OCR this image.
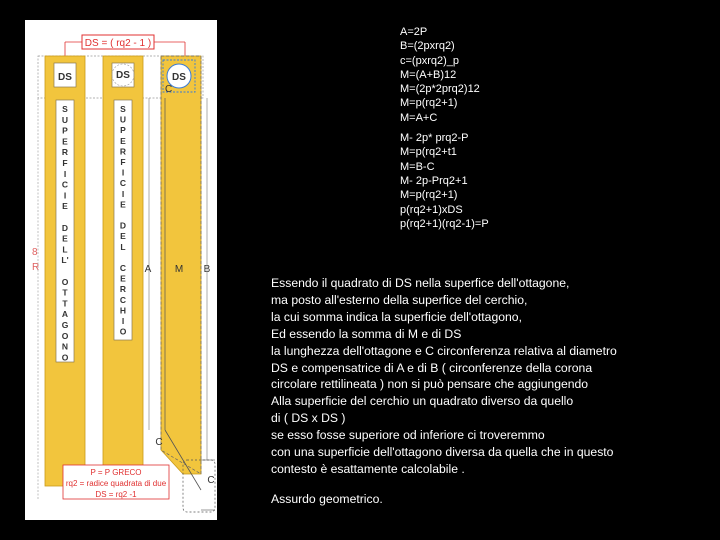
DS = ( rq2 - 1 )
DS
S
U
P
E
R
F
I
C
I
E
D
E
L
L'
O
T
T
A
G
O
N
O
DS
S
U
P
E
R
F
I
C
I
E
D
E
L
C
E
R
C
H
I
O
DS
C
8
R	A M B
C
C
P = P GRECO
rq2 = radice quadrata di due
DS = rq2 -1
A=2P
B=(2pxrq2)
c=(pxrq2)_p
M=(A+B)12
M=(2p*2prq2)12
M=p(rq2+1)
M=A+C
M- 2p* prq2-P
M=p(rq2+t1
M=B-C
M- 2p-Prq2+1
M=p(rq2+1)
p(rq2+1)xDS
p(rq2+1)(rq2-1)=P
Essendo il quadrato di DS nella superfice dell'ottagone,
ma posto all'esterno della superfice del cerchio,
la cui somma indica la superficie dell'ottagono,
Ed essendo la somma di M e di DS
la lunghezza dell'ottagone e C circonferenza relativa al diametro
DS e compensatrice di A e di B ( circonferenze della corona
circolare rettilineata ) non si può pensare che aggiungendo
Alla superficie del cerchio un quadrato diverso da quello
di ( DS x DS )
se esso fosse superiore od inferiore ci troveremmo
con una superficie dell'ottagono diversa da quella che in questo
contesto è esattamente calcolabile .
Assurdo geometrico.
